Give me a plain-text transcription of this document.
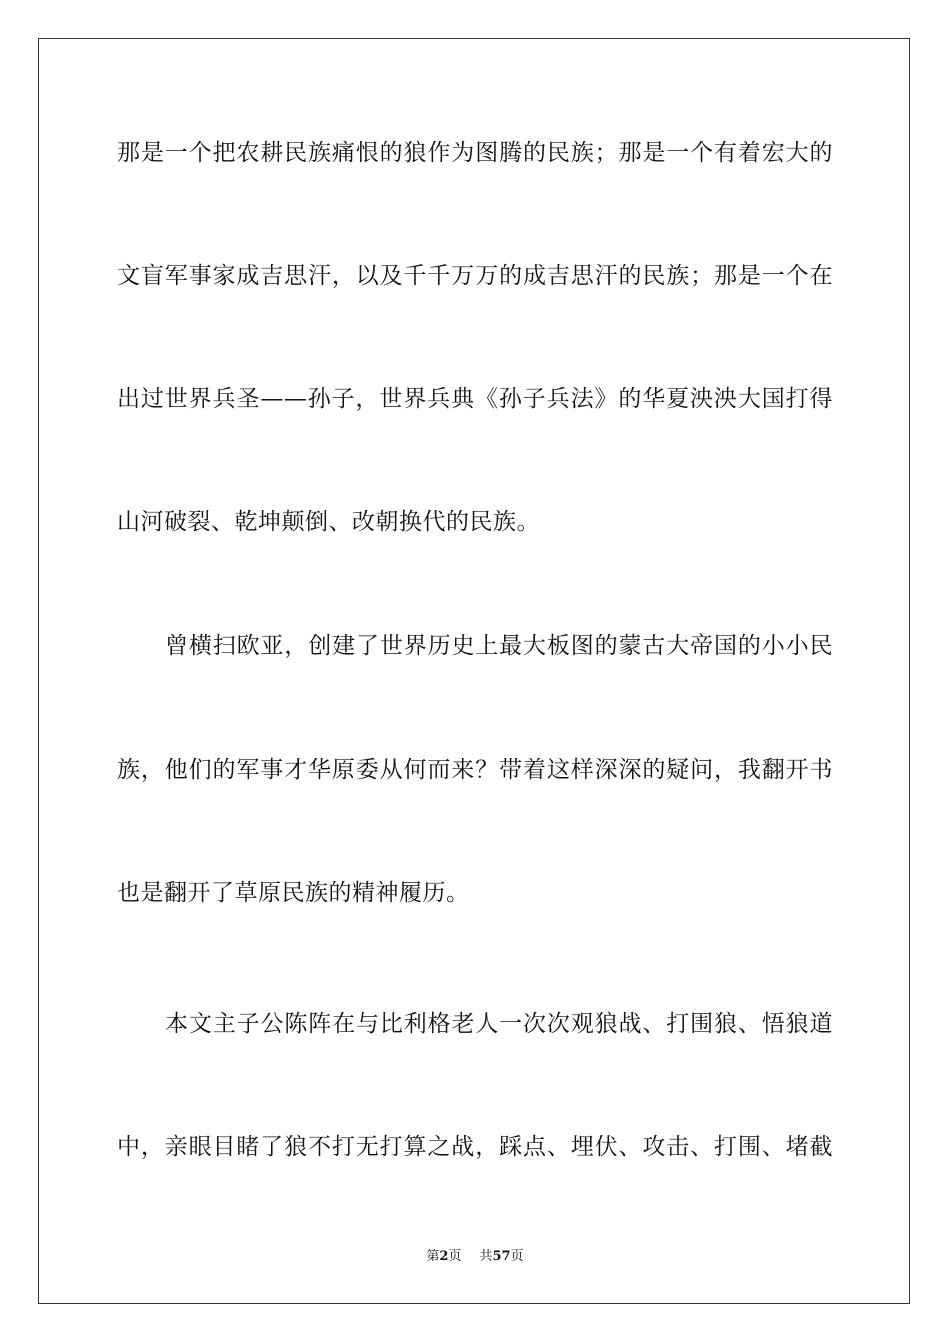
那是一个把农耕民族痛恨的狼作为图腾的民族；那是一个有着宏大的
文盲军事家成吉思汗，以及千千万万的成吉思汗的民族；那是一个在
出过世界兵圣——孙子，世界兵典《孙子兵法》的华夏泱泱大国打得
山河破裂、乾坤颠倒、改朝换代的民族。
曾横扫欧亚，创建了世界历史上最大板图的蒙古大帝国的小小民
族，他们的军事才华原委从何而来？带着这样深深的疑问，我翻开书
也是翻开了草原民族的精神履历。
本文主子公陈阵在与比利格老人一次次观狼战、打围狼、悟狼道
中，亲眼目睹了狼不打无打算之战，踩点、埋伏、攻击、打围、堵截
第2页 共57页
